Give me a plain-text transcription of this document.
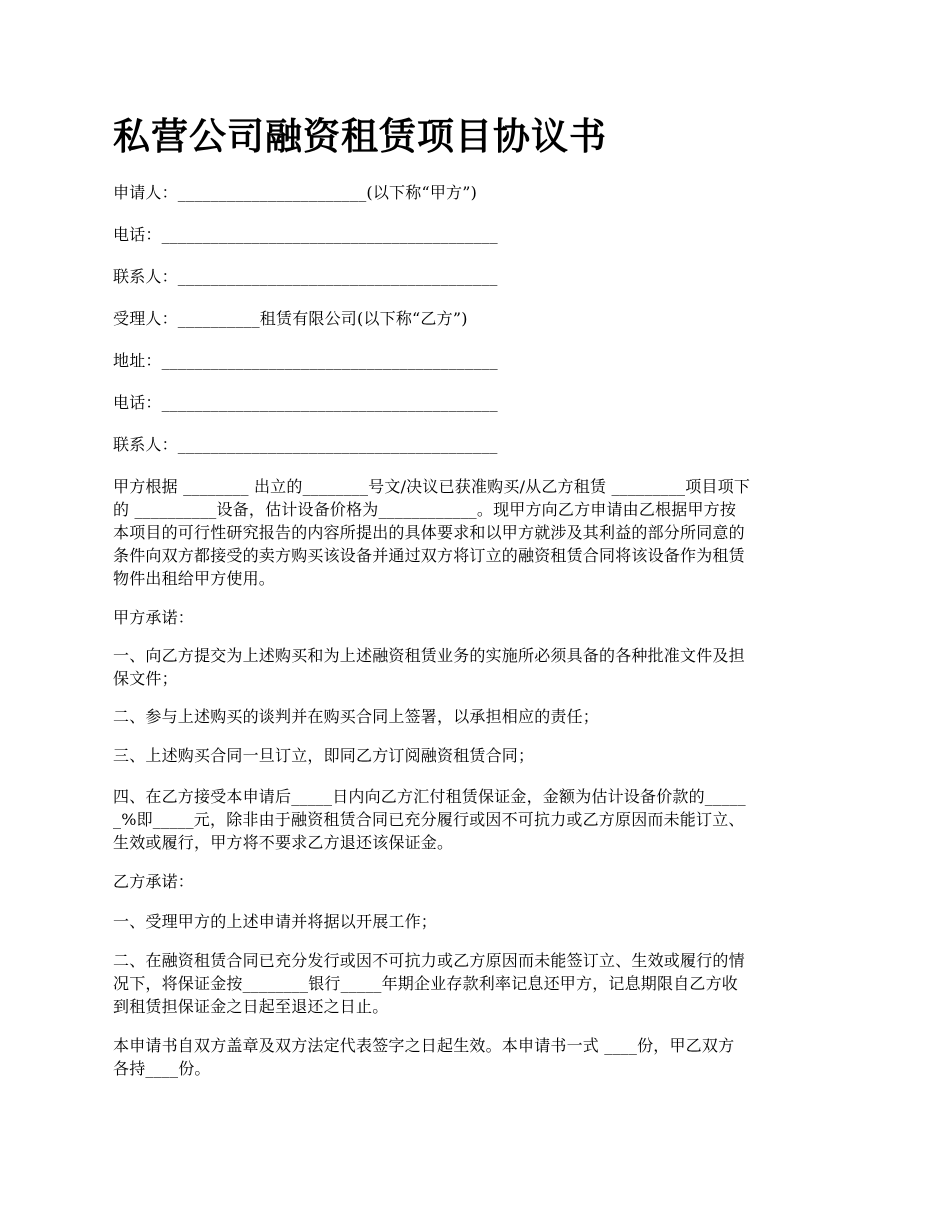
私营公司融资租赁项目协议书

申请人：_______________________(以下称“甲方”)

电话：_________________________________________

联系人：_______________________________________

受理人：__________租赁有限公司(以下称“乙方”)

地址：_________________________________________

电话：_________________________________________

联系人：_______________________________________

甲方根据 ________ 出立的________号文/决议已获准购买/从乙方租赁 _________项目项下
的 __________设备，估计设备价格为____________。现甲方向乙方申请由乙根据甲方按
本项目的可行性研究报告的内容所提出的具体要求和以甲方就涉及其利益的部分所同意的
条件向双方都接受的卖方购买该设备并通过双方将订立的融资租赁合同将该设备作为租赁
物件出租给甲方使用。

甲方承诺：

一、向乙方提交为上述购买和为上述融资租赁业务的实施所必须具备的各种批准文件及担
保文件；

二、参与上述购买的谈判并在购买合同上签署，以承担相应的责任；

三、上述购买合同一旦订立，即同乙方订阅融资租赁合同；

四、在乙方接受本申请后_____日内向乙方汇付租赁保证金，金额为估计设备价款的_____
_%即_____元，除非由于融资租赁合同已充分履行或因不可抗力或乙方原因而未能订立、
生效或履行，甲方将不要求乙方退还该保证金。

乙方承诺：

一、受理甲方的上述申请并将据以开展工作；

二、在融资租赁合同已充分发行或因不可抗力或乙方原因而未能签订立、生效或履行的情
况下，将保证金按________银行_____年期企业存款利率记息还甲方，记息期限自乙方收
到租赁担保证金之日起至退还之日止。
本申请书自双方盖章及双方法定代表签字之日起生效。本申请书一式 ____份，甲乙双方
各持____份。
